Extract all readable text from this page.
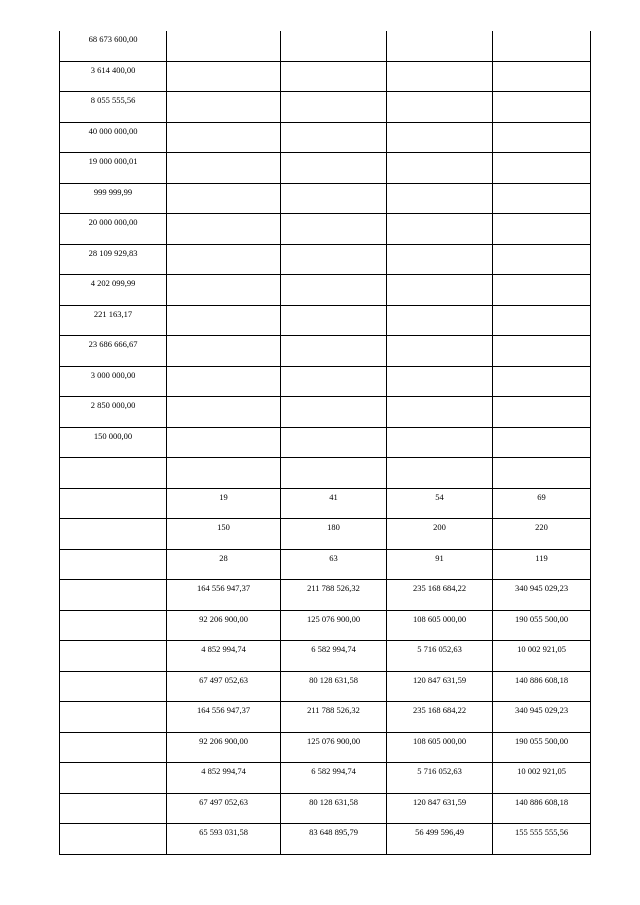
68 673 600,00				

3 614 400,00				

8 055 555,56				

40 000 000,00				

19 000 000,01				

999 999,99				

20 000 000,00				

28 109 929,83				

4 202 099,99				

221 163,17				

23 686 666,67				

3 000 000,00				

2 850 000,00				

150 000,00				

	19	41	54	69

	150	180	200	220

	28	63	91	119

	164 556 947,37	211 788 526,32	235 168 684,22	340 945 029,23

	92 206 900,00	125 076 900,00	108 605 000,00	190 055 500,00

	4 852 994,74	6 582 994,74	5 716 052,63	10 002 921,05

	67 497 052,63	80 128 631,58	120 847 631,59	140 886 608,18

	164 556 947,37	211 788 526,32	235 168 684,22	340 945 029,23

	92 206 900,00	125 076 900,00	108 605 000,00	190 055 500,00

	4 852 994,74	6 582 994,74	5 716 052,63	10 002 921,05

	67 497 052,63	80 128 631,58	120 847 631,59	140 886 608,18

	65 593 031,58	83 648 895,79	56 499 596,49	155 555 555,56
